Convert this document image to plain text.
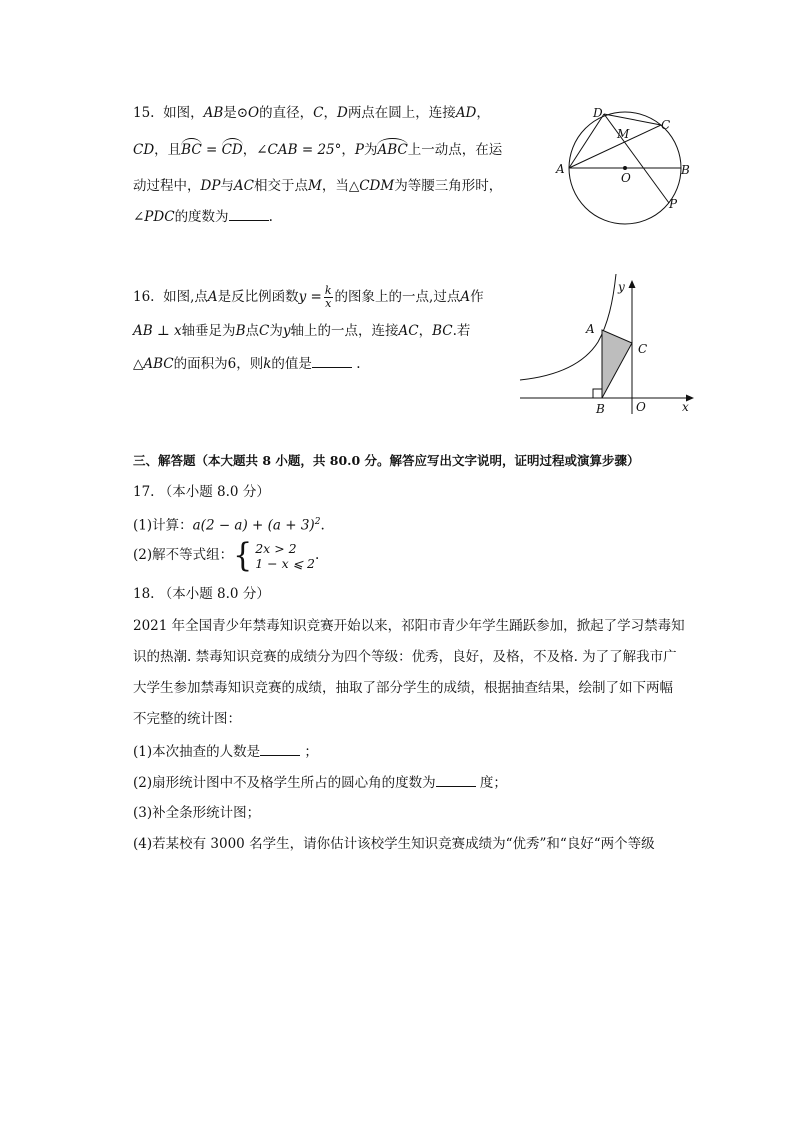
15. 如图，AB是⊙O的直径，C，D两点在圆上，连接AD，
CD，且BC = CD，∠CAB = 25°，P为ABC上一动点，在运
动过程中，DP与AC相交于点M，当△CDM为等腰三角形时，
∠PDC的度数为	.
D
M
C
A
O
B
P
16. 如图,点A是反比例函数$y = \frac{k}{x}$ 的图象上的一点,过点A作
AB ⊥ x轴垂足为B点C为y轴上的一点，连接AC，BC.若
△ABC的面积为6，则k的值是	.
y
A
C
B	O	x
三、解答题（本大题共 8 小题，共 80.0 分。解答应写出文字说明，证明过程或演算步骤）
17. （本小题 8.0 分）
(1)计算：$a(2 - a) + (a + 3)^2$.
(2)解不等式组：{ 2x > 2
1 − x ⩽ 2 .
18. （本小题 8.0 分）
2021 年全国青少年禁毒知识竞赛开始以来，祁阳市青少年学生踊跃参加，掀起了学习禁毒知
识的热潮. 禁毒知识竞赛的成绩分为四个等级：优秀，良好，及格，不及格. 为了了解我市广
大学生参加禁毒知识竞赛的成绩，抽取了部分学生的成绩，根据抽查结果，绘制了如下两幅
不完整的统计图：
(1)本次抽查的人数是	；
(2)扇形统计图中不及格学生所占的圆心角的度数为	度；
(3)补全条形统计图；
(4)若某校有 3000 名学生，请你估计该校学生知识竞赛成绩为“优秀”和“良好“两个等级
